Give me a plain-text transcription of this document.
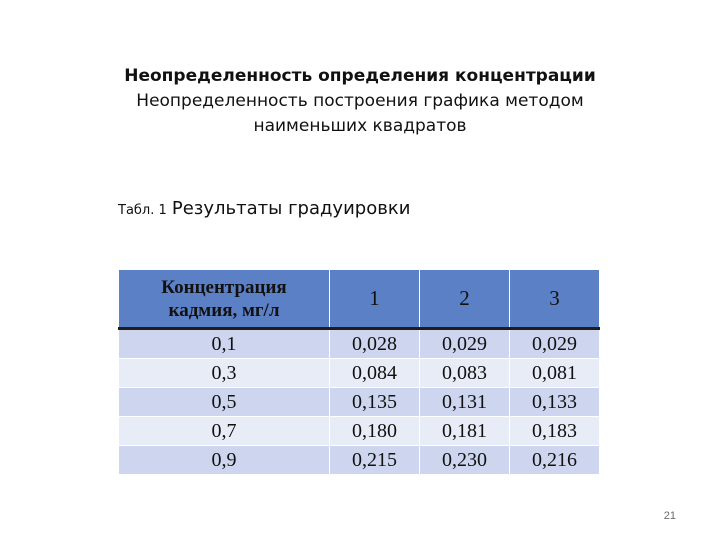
Неопределенность определения концентрации
Неопределенность построения графика методом
наименьших квадратов
Табл. 1 Результаты градуировки
Концентрация
кадмия, мг/л	1	2	3
0,1	0,028	0,029	0,029
0,3	0,084	0,083	0,081
0,5	0,135	0,131	0,133
0,7	0,180	0,181	0,183
0,9	0,215	0,230	0,216
21
